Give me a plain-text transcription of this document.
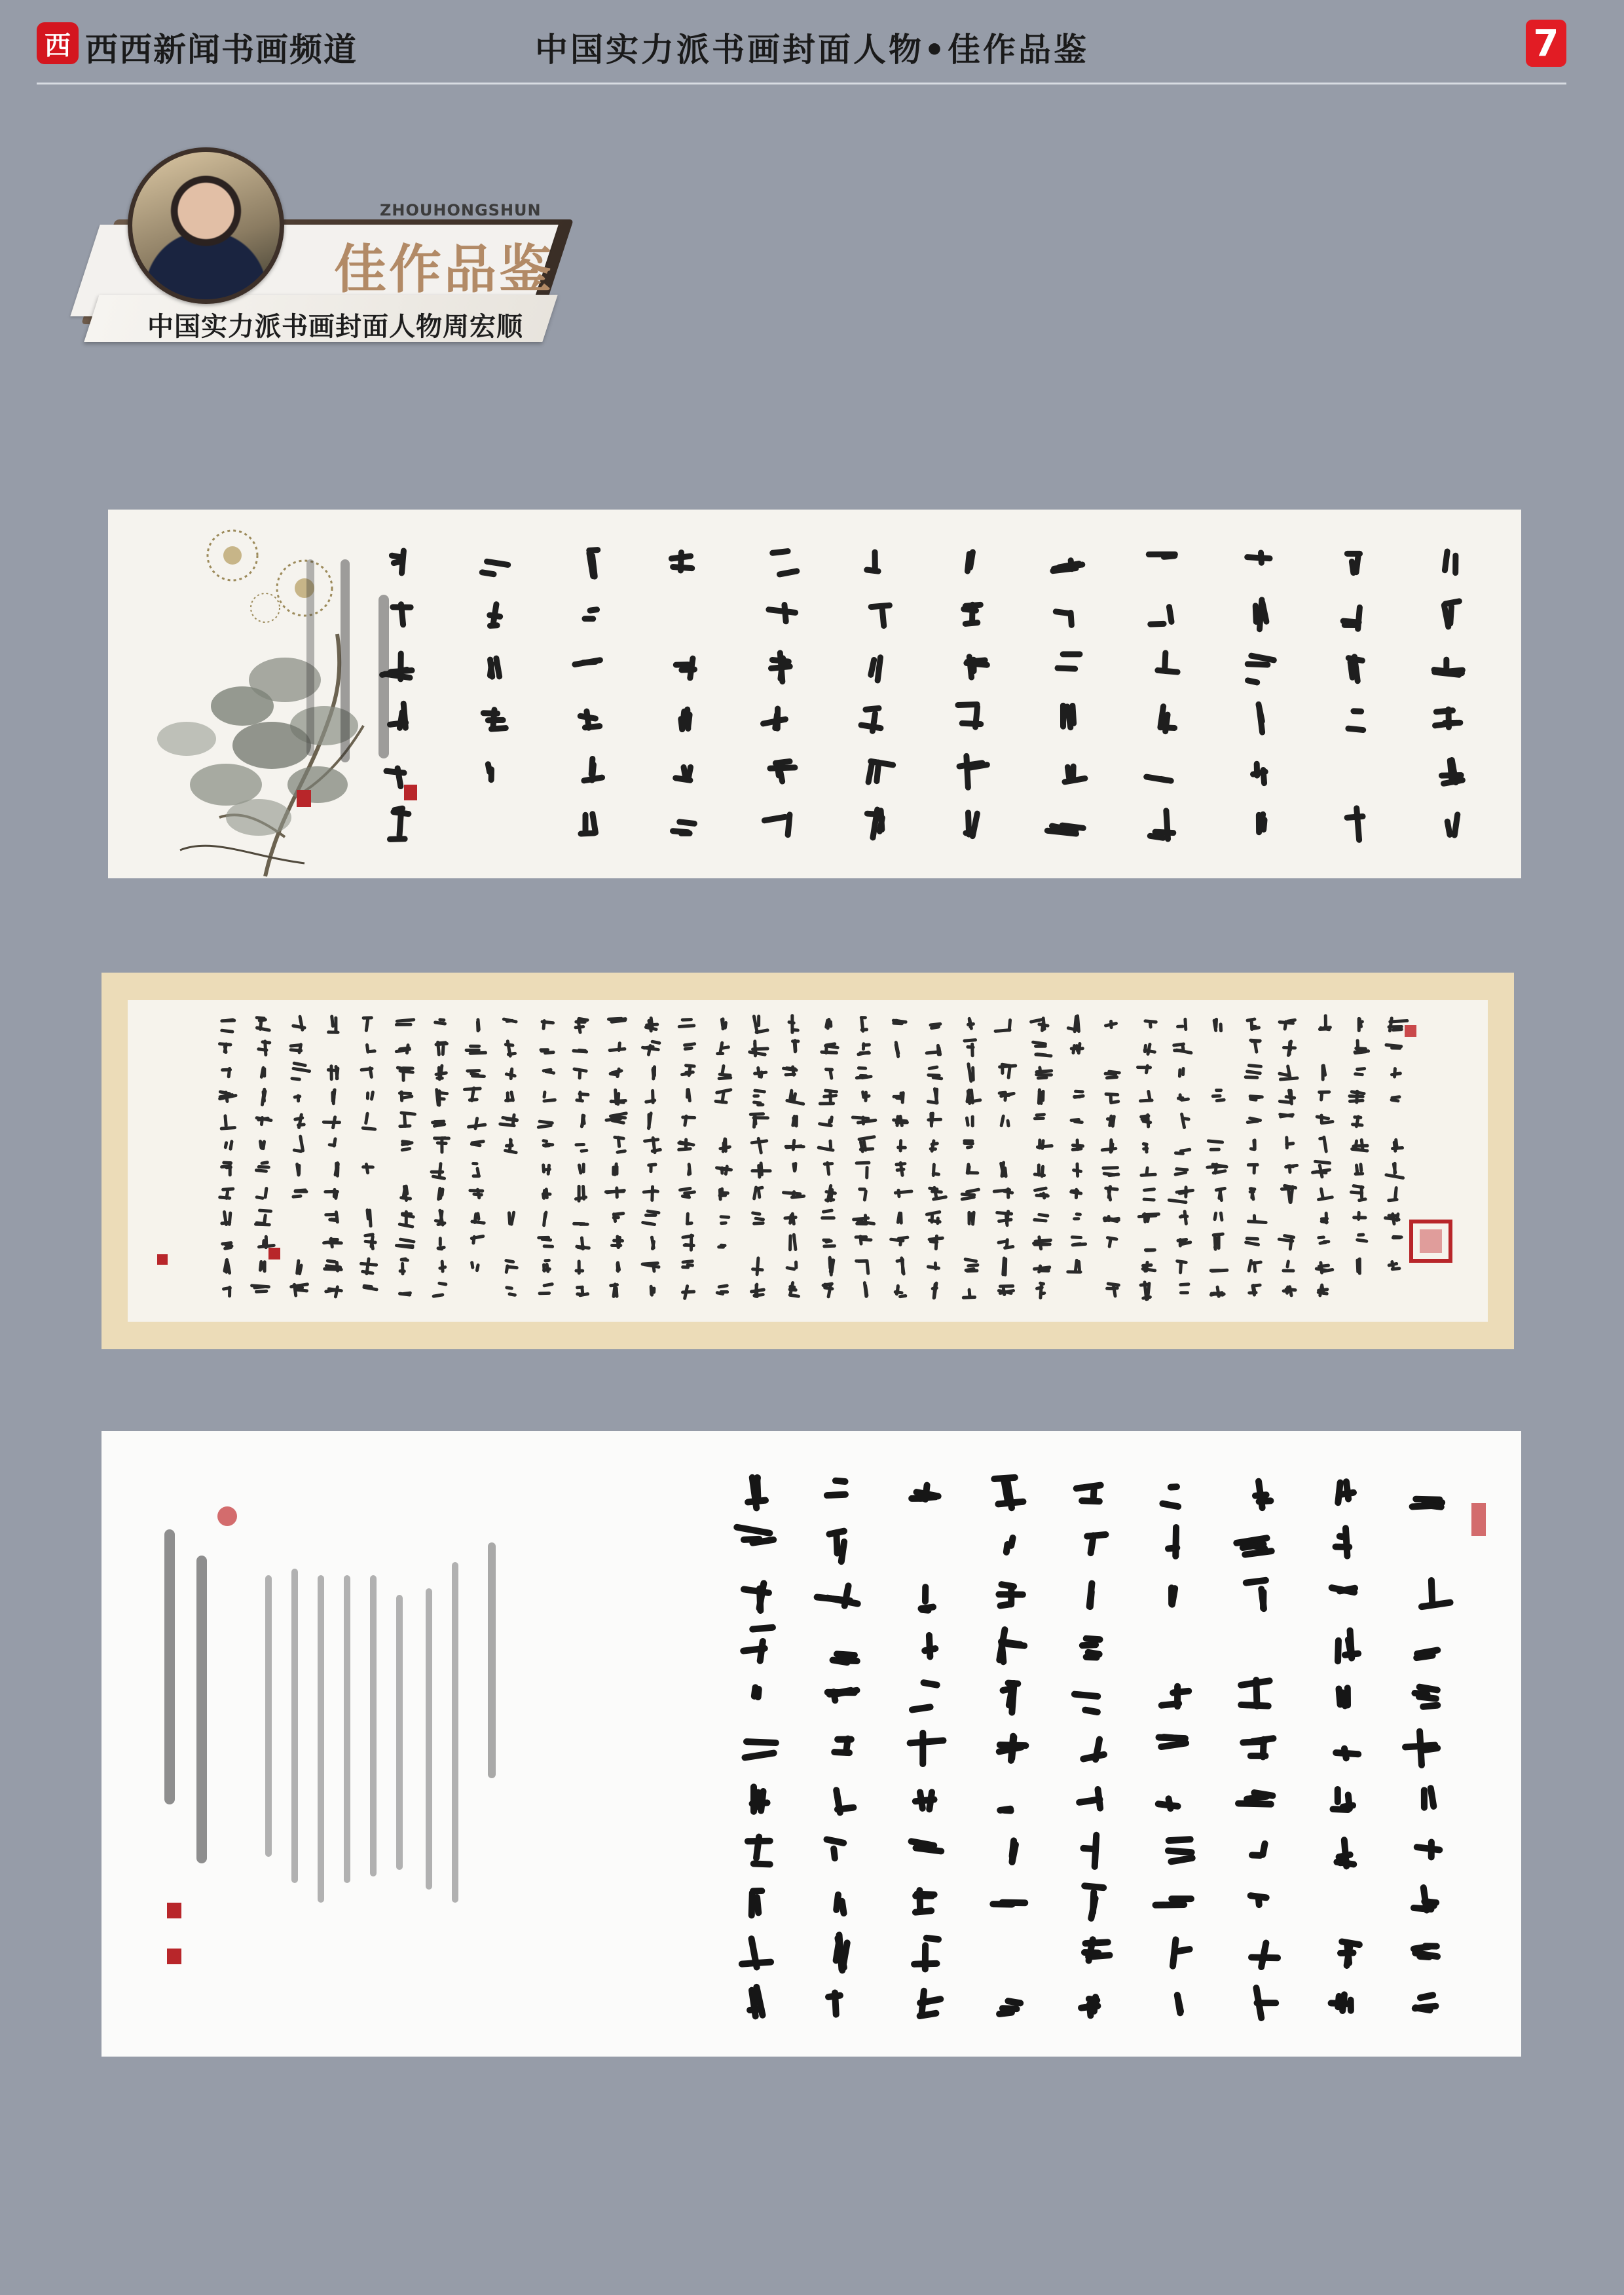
西 西西新闻书画频道	中国实力派书画封面人物•佳作品鉴	7
ZHOUHONGSHUN
佳作品鉴
中国实力派书画封面人物周宏顺
